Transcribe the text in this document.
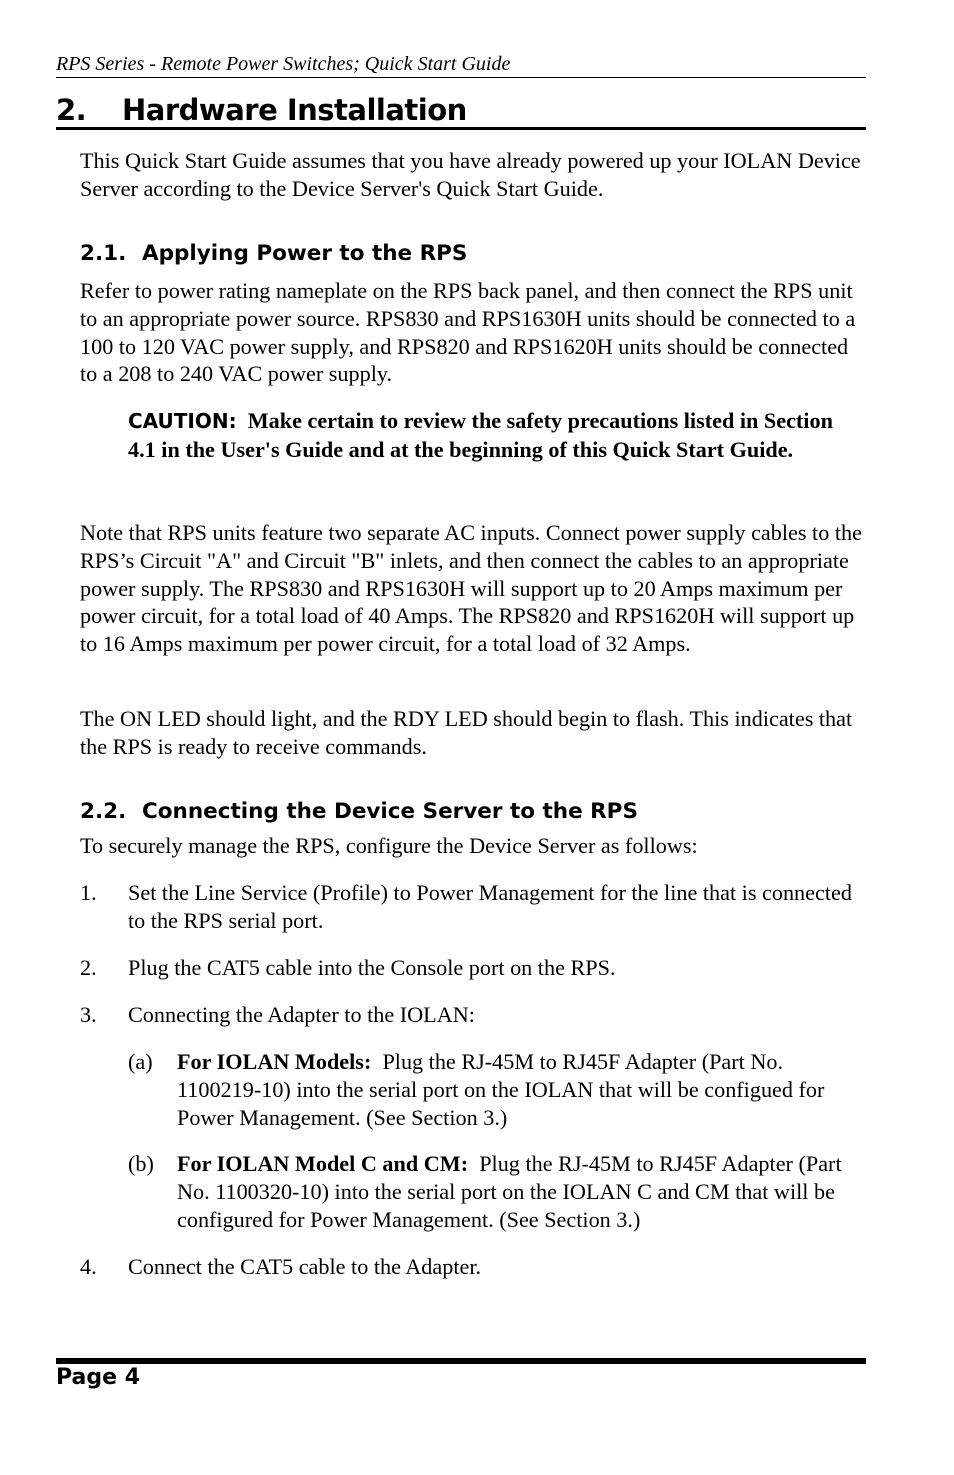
RPS Series - Remote Power Switches; Quick Start Guide
2. Hardware Installation
This Quick Start Guide assumes that you have already powered up your IOLAN Device Server according to the Device Server's Quick Start Guide.
2.1. Applying Power to the RPS
Refer to power rating nameplate on the RPS back panel, and then connect the RPS unit to an appropriate power source. RPS830 and RPS1630H units should be connected to a 100 to 120 VAC power supply, and RPS820 and RPS1620H units should be connected to a 208 to 240 VAC power supply.
CAUTION: Make certain to review the safety precautions listed in Section 4.1 in the User's Guide and at the beginning of this Quick Start Guide.
Note that RPS units feature two separate AC inputs. Connect power supply cables to the RPS’s Circuit "A" and Circuit "B" inlets, and then connect the cables to an appropriate power supply. The RPS830 and RPS1630H will support up to 20 Amps maximum per power circuit, for a total load of 40 Amps. The RPS820 and RPS1620H will support up to 16 Amps maximum per power circuit, for a total load of 32 Amps.
The ON LED should light, and the RDY LED should begin to flash. This indicates that the RPS is ready to receive commands.
2.2. Connecting the Device Server to the RPS
To securely manage the RPS, configure the Device Server as follows:
1. Set the Line Service (Profile) to Power Management for the line that is connected to the RPS serial port.
2. Plug the CAT5 cable into the Console port on the RPS.
3. Connecting the Adapter to the IOLAN:
(a) For IOLAN Models: Plug the RJ-45M to RJ45F Adapter (Part No. 1100219-10) into the serial port on the IOLAN that will be configued for Power Management. (See Section 3.)
(b) For IOLAN Model C and CM: Plug the RJ-45M to RJ45F Adapter (Part No. 1100320-10) into the serial port on the IOLAN C and CM that will be configured for Power Management. (See Section 3.)
4. Connect the CAT5 cable to the Adapter.
Page 4
